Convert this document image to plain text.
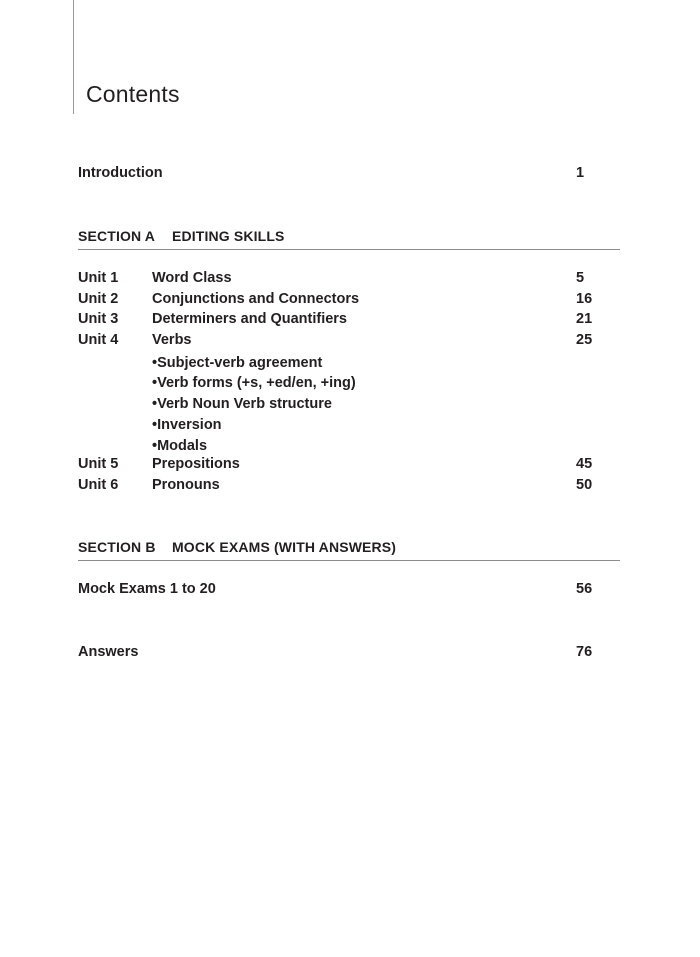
Contents
Introduction	1
SECTION A EDITING SKILLS
Unit 1 Word Class	5
Unit 2 Conjunctions and Connectors	16
Unit 3 Determiners and Quantifiers	21
Unit 4 Verbs	25
•Subject-verb agreement
•Verb forms (+s, +ed/en, +ing)
•Verb Noun Verb structure
•Inversion
•Modals
Unit 5 Prepositions	45
Unit 6 Pronouns	50
SECTION B MOCK EXAMS (WITH ANSWERS)
Mock Exams 1 to 20	56
Answers	76
